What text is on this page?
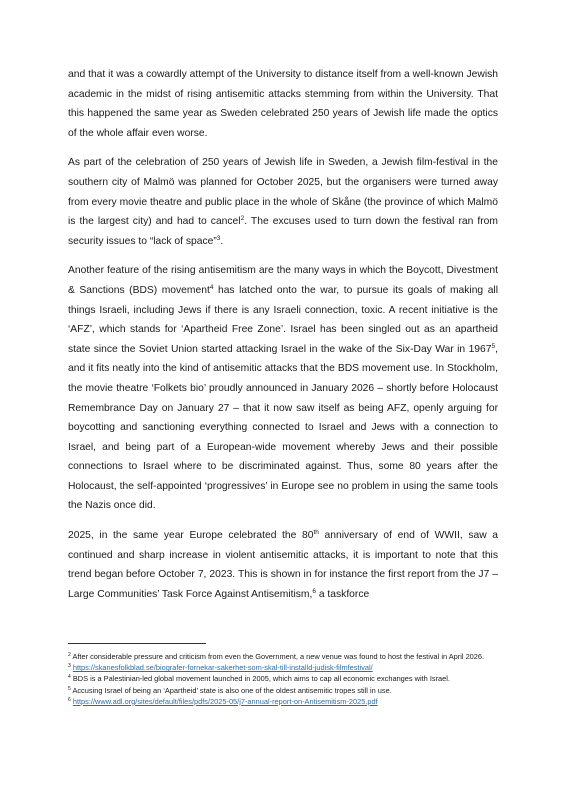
and that it was a cowardly attempt of the University to distance itself from a well-known Jewish academic in the midst of rising antisemitic attacks stemming from within the University. That this happened the same year as Sweden celebrated 250 years of Jewish life made the optics of the whole affair even worse.

As part of the celebration of 250 years of Jewish life in Sweden, a Jewish film-festival in the southern city of Malmö was planned for October 2025, but the organisers were turned away from every movie theatre and public place in the whole of Skåne (the province of which Malmö is the largest city) and had to cancel$^2$. The excuses used to turn down the festival ran from security issues to “lack of space”$^3$.

Another feature of the rising antisemitism are the many ways in which the Boycott, Divestment & Sanctions (BDS) movement$^4$ has latched onto the war, to pursue its goals of making all things Israeli, including Jews if there is any Israeli connection, toxic. A recent initiative is the ‘AFZ’, which stands for ‘Apartheid Free Zone’. Israel has been singled out as an apartheid state since the Soviet Union started attacking Israel in the wake of the Six-Day War in 1967$^5$, and it fits neatly into the kind of antisemitic attacks that the BDS movement use. In Stockholm, the movie theatre ‘Folkets bio’ proudly announced in January 2026 – shortly before Holocaust Remembrance Day on January 27 – that it now saw itself as being AFZ, openly arguing for boycotting and sanctioning everything connected to Israel and Jews with a connection to Israel, and being part of a European-wide movement whereby Jews and their possible connections to Israel where to be discriminated against. Thus, some 80 years after the Holocaust, the self-appointed ‘progressives’ in Europe see no problem in using the same tools the Nazis once did.

2025, in the same year Europe celebrated the 80th anniversary of end of WWII, saw a continued and sharp increase in violent antisemitic attacks, it is important to note that this trend began before October 7, 2023. This is shown in for instance the first report from the J7 – Large Communities’ Task Force Against Antisemitism,$^6$ a taskforce

$^2$ After considerable pressure and criticism from even the Government, a new venue was found to host the festival in April 2026.

$^3$ https://skanesfolkblad.se/biografer-fornekar-sakerhet-som-skal-till-installd-judisk-filmfestival/

$^4$ BDS is a Palestinian-led global movement launched in 2005, which aims to cap all economic exchanges with Israel.

$^5$ Accusing Israel of being an ‘Apartheid’ state is also one of the oldest antisemitic tropes still in use.

$^6$ https://www.adl.org/sites/default/files/pdfs/2025-05/j7-annual-report-on-Antisemitism-2025.pdf
